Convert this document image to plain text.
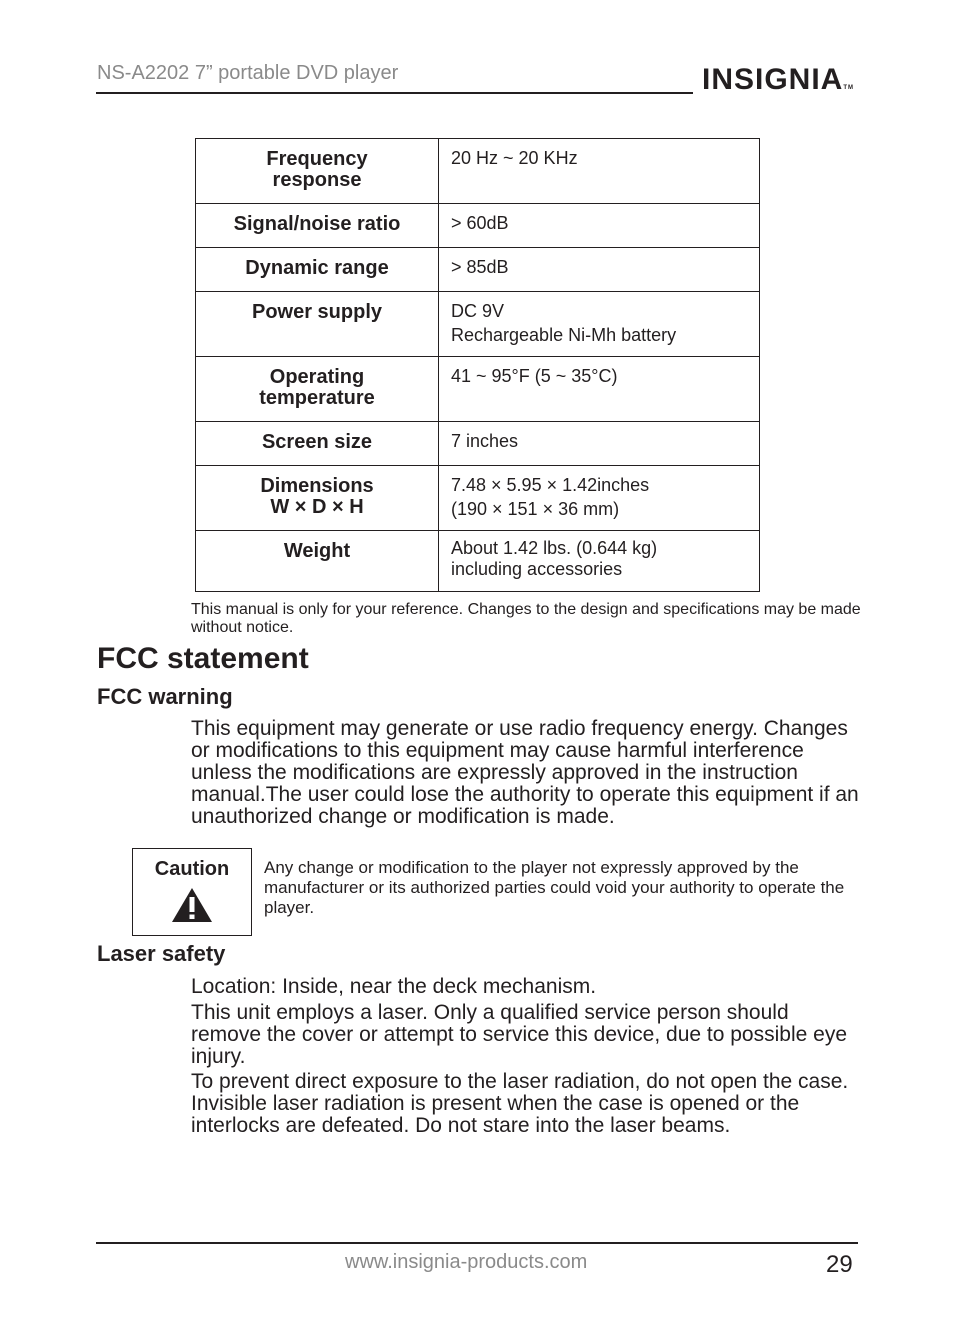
NS-A2202 7” portable DVD player	INSIGNIA™
Frequency
response	20 Hz ~ 20 KHz

Signal/noise ratio	> 60dB

Dynamic range	> 85dB

Power supply	DC 9V
Rechargeable Ni-Mh battery

Operating
temperature	41 ~ 95°F (5 ~ 35°C)

Screen size	7 inches

Dimensions
W × D × H	7.48 × 5.95 × 1.42inches
(190 × 151 × 36 mm)

Weight	About 1.42 lbs. (0.644 kg)
including accessories
This manual is only for your reference. Changes to the design and specifications may be made without notice.
FCC statement
FCC warning
This equipment may generate or use radio frequency energy. Changes or modifications to this equipment may cause harmful interference unless the modifications are expressly approved in the instruction manual.The user could lose the authority to operate this equipment if an unauthorized change or modification is made.
Caution	Any change or modification to the player not expressly approved by the manufacturer or its authorized parties could void your authority to operate the player.
Laser safety
Location: Inside, near the deck mechanism.
This unit employs a laser. Only a qualified service person should remove the cover or attempt to service this device, due to possible eye injury.
To prevent direct exposure to the laser radiation, do not open the case. Invisible laser radiation is present when the case is opened or the interlocks are defeated. Do not stare into the laser beams.
www.insignia-products.com	29
